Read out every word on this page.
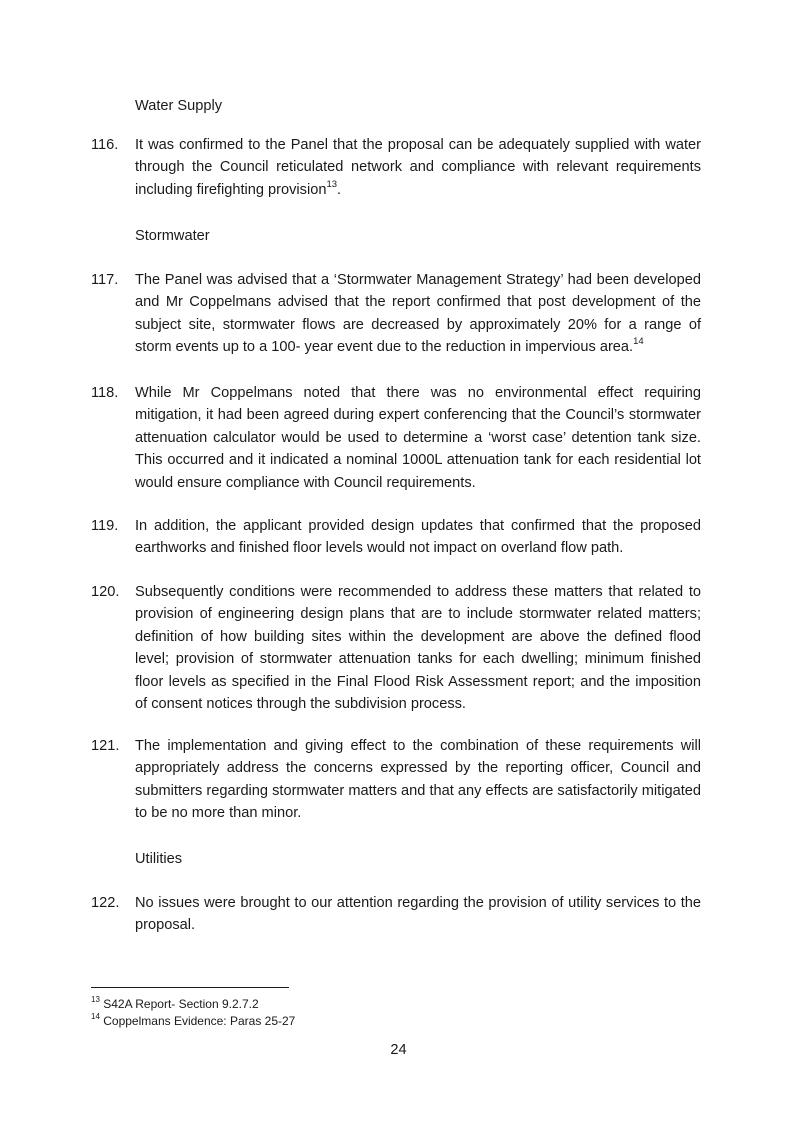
Water Supply
116.	It was confirmed to the Panel that the proposal can be adequately supplied with water through the Council reticulated network and compliance with relevant requirements including firefighting provision$^{13}$.
Stormwater
117.	The Panel was advised that a ‘Stormwater Management Strategy’ had been developed and Mr Coppelmans advised that the report confirmed that post development of the subject site, stormwater flows are decreased by approximately 20% for a range of storm events up to a 100- year event due to the reduction in impervious area.$^{14}$
118.	While Mr Coppelmans noted that there was no environmental effect requiring mitigation, it had been agreed during expert conferencing that the Council’s stormwater attenuation calculator would be used to determine a ‘worst case’ detention tank size. This occurred and it indicated a nominal 1000L attenuation tank for each residential lot would ensure compliance with Council requirements.
119.	In addition, the applicant provided design updates that confirmed that the proposed earthworks and finished floor levels would not impact on overland flow path.
120.	Subsequently conditions were recommended to address these matters that related to provision of engineering design plans that are to include stormwater related matters; definition of how building sites within the development are above the defined flood level; provision of stormwater attenuation tanks for each dwelling; minimum finished floor levels as specified in the Final Flood Risk Assessment report; and the imposition of consent notices through the subdivision process.
121.	The implementation and giving effect to the combination of these requirements will appropriately address the concerns expressed by the reporting officer, Council and submitters regarding stormwater matters and that any effects are satisfactorily mitigated to be no more than minor.
Utilities
122.	No issues were brought to our attention regarding the provision of utility services to the proposal.
$^{13}$ S42A Report- Section 9.2.7.2
$^{14}$ Coppelmans Evidence: Paras 25-27
24
